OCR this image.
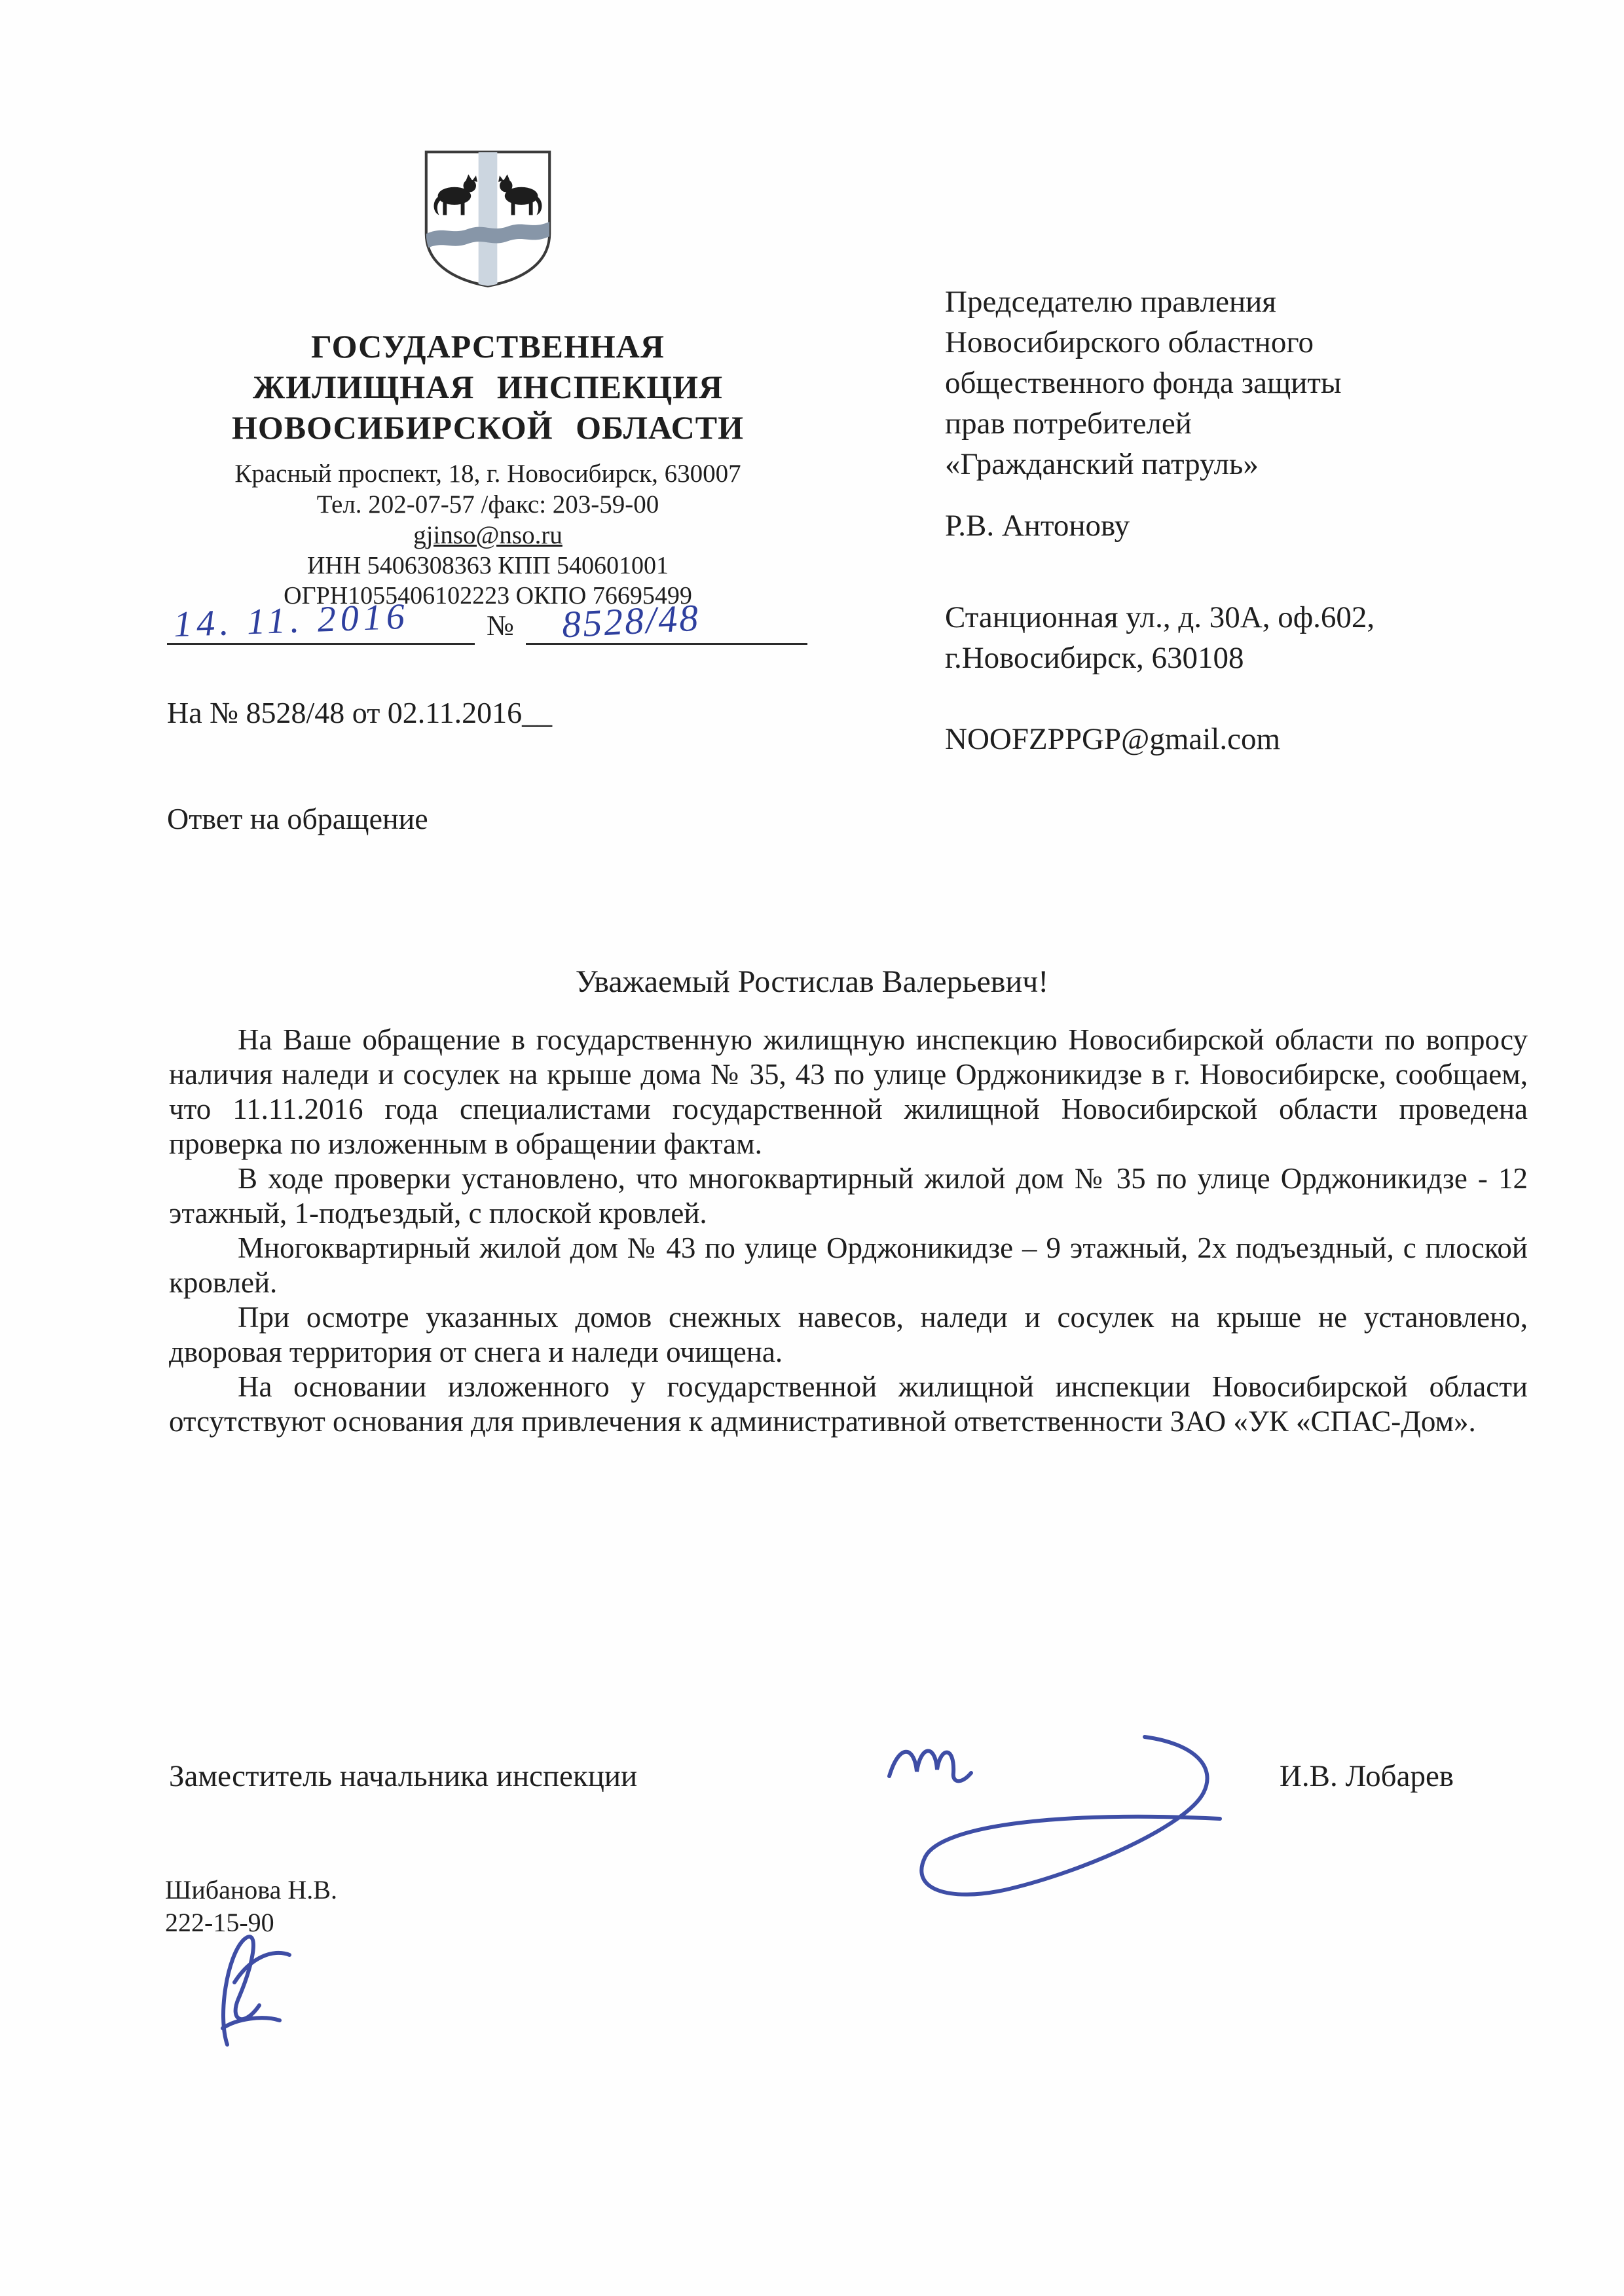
ГОСУДАРСТВЕННАЯ
ЖИЛИЩНАЯ ИНСПЕКЦИЯ
НОВОСИБИРСКОЙ ОБЛАСТИ
Красный проспект, 18, г. Новосибирск, 630007
Тел. 202-07-57 /факс: 203-59-00
gjinso@nso.ru
ИНН 5406308363 КПП 540601001
ОГРН1055406102223 ОКПО 76695499
14. 11. 2016	№ 8528/48
На № 8528/48 от 02.11.2016__
Ответ на обращение
Председателю правления
Новосибирского областного
общественного фонда защиты
прав потребителей
«Гражданский патруль»
Р.В. Антонову
Станционная ул., д. 30А, оф.602,
г.Новосибирск, 630108
NOOFZPPGP@gmail.com
Уважаемый Ростислав Валерьевич!

На Ваше обращение в государственную жилищную инспекцию Новосибирской области по вопросу наличия наледи и сосулек на крыше дома № 35, 43 по улице Орджоникидзе в г. Новосибирске, сообщаем, что 11.11.2016 года специалистами государственной жилищной Новосибирской области проведена проверка по изложенным в обращении фактам.

В ходе проверки установлено, что многоквартирный жилой дом № 35 по улице Орджоникидзе - 12 этажный, 1-подъездый, с плоской кровлей.

Многоквартирный жилой дом № 43 по улице Орджоникидзе – 9 этажный, 2х подъездный, с плоской кровлей.

При осмотре указанных домов снежных навесов, наледи и сосулек на крыше не установлено, дворовая территория от снега и наледи очищена.

На основании изложенного у государственной жилищной инспекции Новосибирской области отсутствуют основания для привлечения к административной ответственности ЗАО «УК «СПАС-Дом».

Заместитель начальника инспекции	И.В. Лобарев
Шибанова Н.В.
222-15-90
